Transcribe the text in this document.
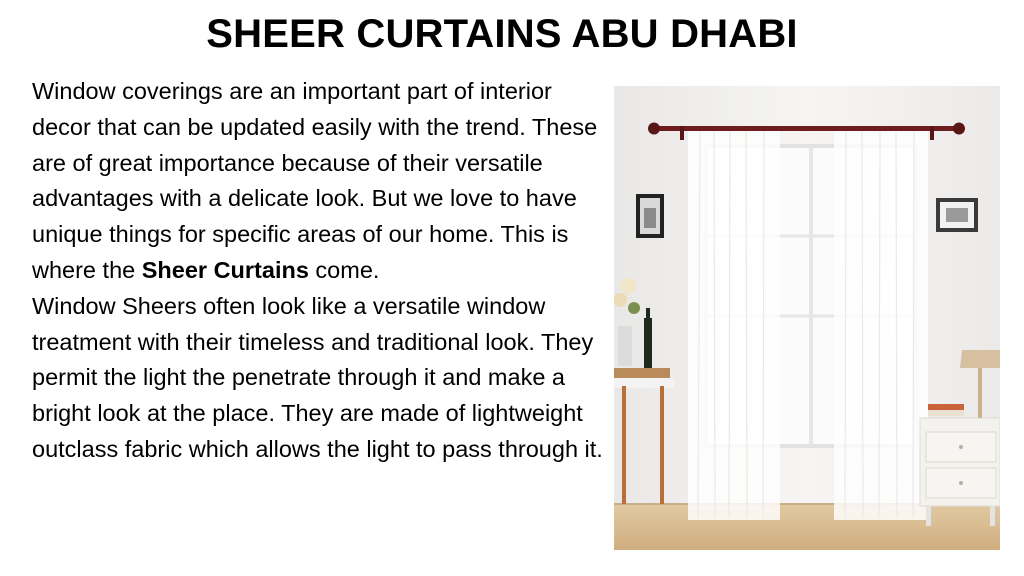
SHEER CURTAINS ABU DHABI

Window coverings are an important part of interior decor that can be updated easily with the trend. These are of great importance because of their versatile advantages with a delicate look. But we love to have unique things for specific areas of our home. This is where the Sheer Curtains come.

Window Sheers often look like a versatile window treatment with their timeless and traditional look. They permit the light the penetrate through it and make a bright look at the place. They are made of lightweight outclass fabric which allows the light to pass through it.
